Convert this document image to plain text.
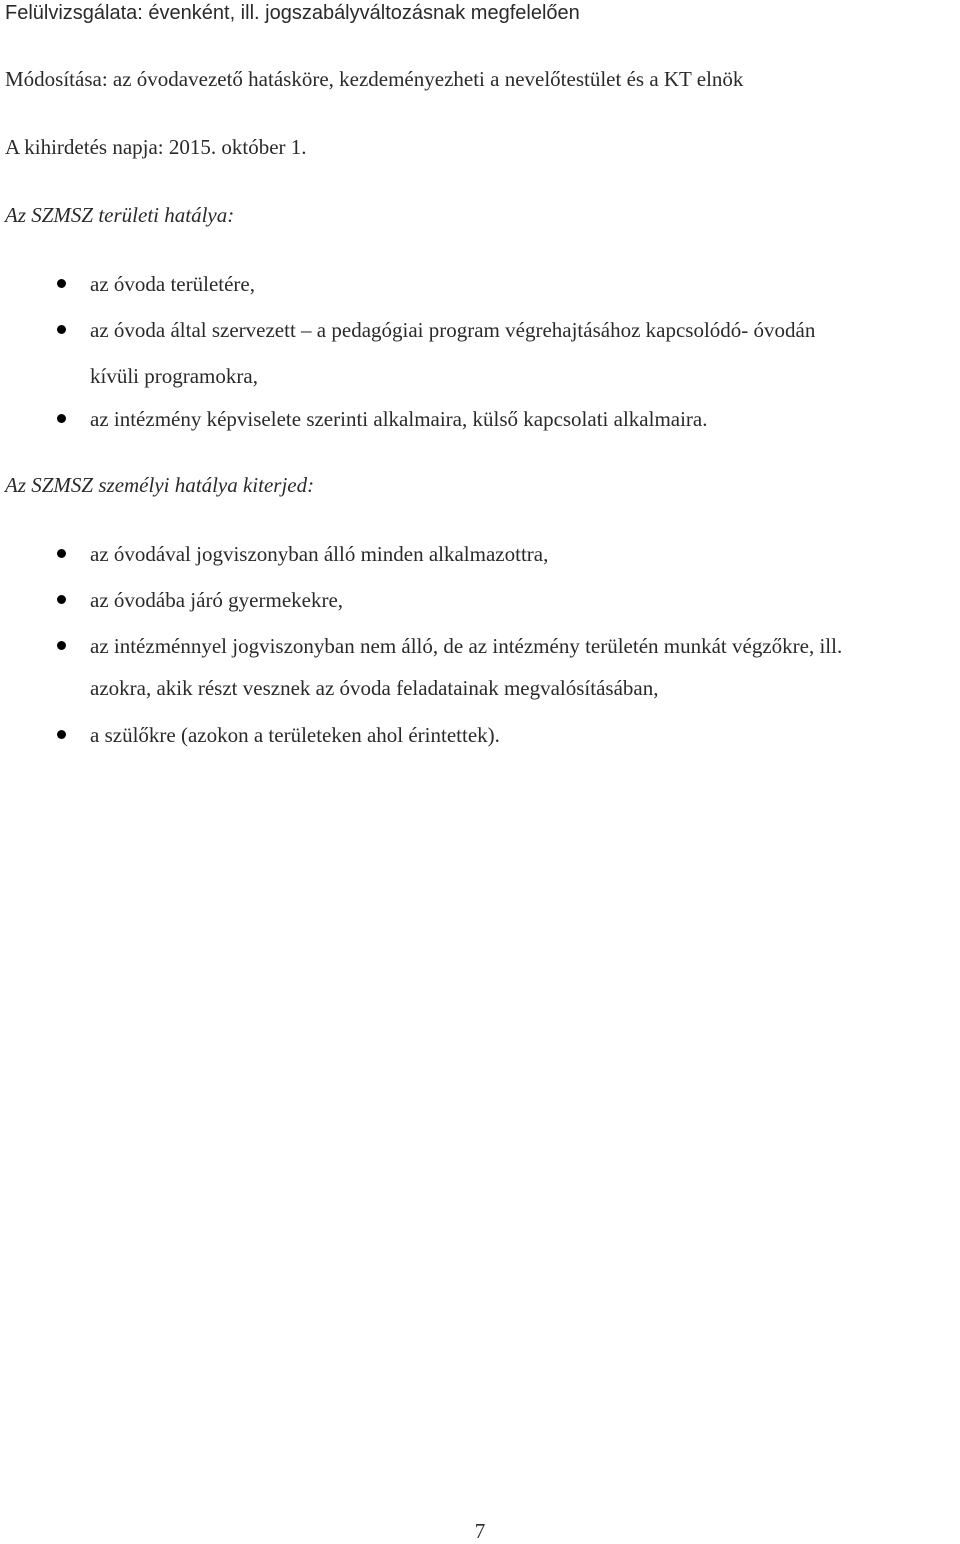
Felülvizsgálata: évenként, ill. jogszabályváltozásnak megfelelően
Módosítása: az óvodavezető hatásköre, kezdeményezheti a nevelőtestület és a KT elnök
A kihirdetés napja: 2015. október 1.
Az SZMSZ területi hatálya:
az óvoda területére,
az óvoda által szervezett – a pedagógiai program végrehajtásához kapcsolódó- óvodán
kívüli programokra,
az intézmény képviselete szerinti alkalmaira, külső kapcsolati alkalmaira.
Az SZMSZ személyi hatálya kiterjed:
az óvodával jogviszonyban álló minden alkalmazottra,
az óvodába járó gyermekekre,
az intézménnyel jogviszonyban nem álló, de az intézmény területén munkát végzőkre, ill.
azokra, akik részt vesznek az óvoda feladatainak megvalósításában,
a szülőkre (azokon a területeken ahol érintettek).
7
